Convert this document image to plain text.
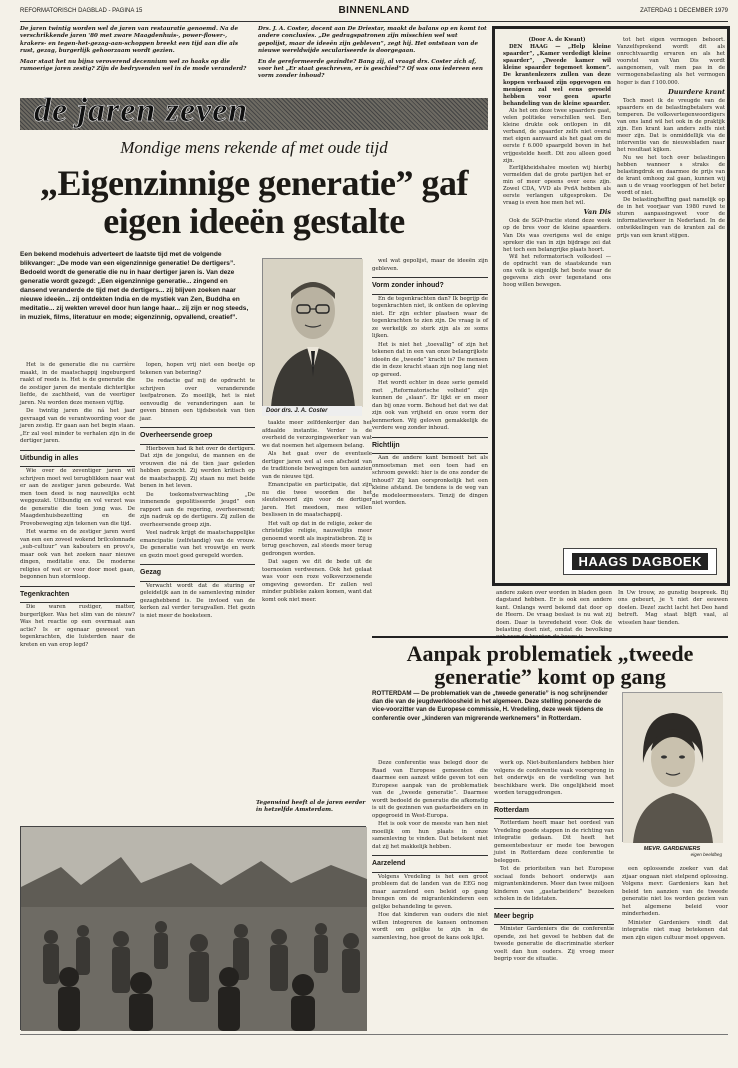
REFORMATORISCH DAGBLAD - PAGINA 15	BINNENLAND	ZATERDAG 1 DECEMBER 1979

De jaren twintig worden wel de jaren van restauratie genoemd. Na de verschrikkende jaren '80 met zware Maagdenhuis-, power-flower-, krakers- en tegen-het-gezag-aan-schoppen breekt een tijd aan die als rust, gezag, burgerlijk gehoorzaam wordt gezien.

Maar staat het nu bijna veroverend decennium wel zo haaks op die rumoerige jaren zestig? Zijn de bedryvenden wel in de mode veranderd?

Drs. J. A. Coster, docent aan De Driestar, maakt de balans op en komt tot andere conclusies. „De gedragspatronen zijn misschien wel wat gepolijst, maar de ideeën zijn gebleven”, zegt hij. Het ontstaan van de nieuwe wereldwijde seculariseerde is doorgegaan.

En de gereformeerde gezindte? Bang zij, al vraagt drs. Coster zich af, voor het „Er staat geschreven, er is geschied”? Of was ons iedereen een vorm zonder inhoud?

de jaren zeven
Mondige mens rekende af met oude tijd
„Eigenzinnige generatie” gaf eigen ideeën gestalte
Een bekend modehuis adverteert de laatste tijd met de volgende blikvanger: „De mode van een eigenzinnige generatie! De dertigers”. Bedoeld wordt de generatie die nu in haar dertiger jaren is. Van deze generatie wordt gezegd: „Een eigenzinnige generatie... zingend en dansend veranderde de tijd met de dertigers... zij blijven zoeken naar nieuwe ideeën... zij ontdekten India en de mystiek van Zen, Buddha en meditatie... zij wekten wrevel door hun lange haar... zij zijn er nog steeds, in muziek, films, literatuur en mode; eigenzinnig, opvallend, creatief”.

Het is de generatie die nu carrière maakt, in de maatschappij ingeburgerd raakt of reeds is. Het is de generatie die de zestiger jaren de mentale dichterlijke liefde, de zachtheid, van de veertiger jaren. Nu worden deze mensen vijftig.

De twintig jaren die ná het jaar gevraagd van de verantwoording voor de jaren zestig. Er gaan aan het begin staan. „Er zal veel minder te verhalen zijn in de dertiger jaren.

Uitbundig in alles

Wie over de zeventiger jaren wil schrijven moet wel terugblikken naar wat er aan de zestiger jaren gebeurde. Wat men toen deed is nog nauwelijks echt weggezakt. Uitbundig en vol verzet was de generatie die toen jong was. De Maagdenhuisbezetting en de Provobeweging zijn tekenen van die tijd.

Het warme en de zestiger jaren werd van een een zoveel wokend brilcolonnade „sub-cultuur” van kabouters en provo's, maar ook van het zoeken naar nieuwe dingen, meditatie enz. De moderne religies of wat er voor door moet gaan, begonnen hun stormloop.

Tegenkrachten

Die waren rustiger, matter, burgerlijker. Was het slim van de nieuw? Was het reactie op een overmaat aan actie? Is er ogenaar geweest van tegenkrachten, die luisterden naar de kreten en van erop legd?

lopen, hopen vrij niet een beetje op tekenen van betering?

De redactie gaf mij de opdracht te schrijven over veranderende leefpatronen. Zo moeilijk, het is niet eenvoudig de veranderingen aan te geven binnen een tijdsbestek van tien jaar.

Overheersende groep

Hierboven had ik het over de dertigers. Dat zijn de jongelui, de mannen en de vrouwen die ná de tien jaar geleden hebben gezocht. Zij werden kritisch op de maatschappij. Zij staan nu met beide benen in het leven.

De toekomstverwachting „De inmenende gepolitiseerde jeugd” een rapport aan de regering, overheersend; zijn nadruk op de dertigers. Zij zullen de overheersende groep zijn.

Veel nadruk krijgt de maatschappelijke emancipatie (zelfstandig) van de vrouw. De generatie van het vrouwtje en werk en gezin moet goed geregeld worden.

Gezag

Verwacht wordt dat de sturing er geleidelijk aan in de samenleving minder gezaghebbend is. De invloed van de kerken zal verder terugvallen. Het gezin is niet meer de hoeksteen.

Door drs. J. A. Coster

taakte meer zelfdenkerijer dan het afdaalde instantie. Verder is de overheid de verzorgingswerker van wat we dat noemen het algemeen belang.

Als het gaat over de eventuele dertiger jaren wel al een afscheid van de traditionele bewegingen ten aanzien van de nieuwe tijd.

Emancipatie en participatie, dat zijn nu die twee woorden die het sleutelwoord zijn voor de dertiger jaren. Het meedoen, mee willen beslissen in de maatschappij.

Het valt op dat in de religie, zeker de christelijke religie, nauwelijks meer genoemd wordt als inspiratiebron. Zij is terug geschoven, zal steeds meer terug gedrongen worden.

Dat sagen we dit de bede uit de toernooien verdwenen. Ook het gelaat was voor een roze volksverzoenende omgeving geworden. Er zullen wel minder publieke zaken komen, want dat komt ook niet meer.

wel wat gepolijst, maar de ideeën zijn gebleven.

Vorm zonder inhoud?

En de tegenkrachten dan? Ik begrijp de tegenkrachten niet, ik ontken de opleving niet. Er zijn echter plaatsen waar de tegenkrachten te zien zijn. De vraag is of ze werkelijk zo sterk zijn als ze soms lijken.

Het is niet het „toevallig” of zijn het tekenen dat in een van onze belangrijkste ideeën de „tweede” kracht is? De mensen die in deze kracht staan zijn nog lang niet op gereed.

Het wordt echter in deze serie gemeld met „Reformatorische volheid” zijn kunnen de „slaan”. Er lijkt er en meer dan bij onze vorm. Behoud het dat we dat zijn ook van vrijheid en onze vorm der kenmerken. Wij geloven gemakkelijk de verdere weg zonder inhoud.

Richtlijn

Aan de andere kant bemoeit het als onmoetsman met een toen had en schroom gewekt: hier is de ons zonder de inhoud? Zij kan oorspronkelijk het een kleine afstand. De tendens is de weg van de modeleermeesters. Tenzij de dingen niet worden.

(Door A. de Kwant)

DEN HAAG — „Help kleine spaarder”, „Kamer verdedigt kleine spaarder”, „Tweede kamer wil kleine spaarder tegemoet komen”. De krantenlezers zullen van deze koppen verbaasd zijn opgevogen en menigeen zal wel eens gevoeld hebben voor geen aparte behandeling van de kleine spaarder.

Als het om deze twee spaarders gaat, velen politieke verschillen wel. Een kleine drukte ook ontlopen in dit verband, de spaarder zelfs niet overal met eigen aanvaard als het gaat om de eerste f 6.000 spaargeld boven in het vrijgestelde heeft. Dit zou alleen goed zijn.

Eerlijkheidshalve moeten wij hierbij vermelden dat de grote partijen het er min of meer opeens over eens zijn. Zowel CDA, VVD als PvdA hebben als eerste verlangen uitgesproken. De vraag is even hoe men het wil.

Van Dis

Ook de SGP-fractie stond deze week op de bres voor de kleine spaarders. Van Dis was overigens wel de enige spreker die van in zijn bijdrage zei dat het toch een belangrijke plaats hoort.

Wil het reformatorisch volksdeel — de opdracht van de staatskunde van ons volk is eigenlijk het beste waar de gegevens zich over tegenstand ons hoog willen bewegen.

tot het eigen vermogen behoort. Vanzelfsprekend wordt dit als onrechtvaardig ervaren en als het voorstel van Van Dis wordt aangenomen, valt men pas in de vermogensbelasting als het vermogen hoger is dan f 100.000.

Duurdere krant

Toch moet ik de vreugde van de spaarders en de belastingbetalers wat temperen. De volksvertegenwoordigers van ons land wil het ook in de praktijk zijn. Een krant kan anders zelfs niet meer zijn. Dat is onmiddellijk via de interventie van de nieuwsbladen naar het resultaat kijken.

Nu we het toch over belastingen hebben wanneer s straks de belastingdruk en daarmee de prijs van de krant omhoog zal gaan, kunnen wij aan u de vraag voorleggen of het beter wordt of niet.

De belastingheffing gaat namelijk op de in het voorjaar van 1980 ruwd te sturen aanpassingswet voor de informatieverkeer in Nederland. In de ontwikkelingen van de kranten zal de prijs van een krant stijgen.

HAAGS DAGBOEK
andere zaken over worden in bladen geen dagstand hebben. Er is ook een andere kant. Onlangs werd bekend dat door op de Heern. De vraag beslast is nu wat zij doen. Daar is tevredeheid voor. Ook de belasting doet niet, omdat de bevolking ook voor de kranten de keuze is.
In Uw trouw, zo gunstig bespreek. Bij ons gebeurt, je 't niet der eeuwen doelen. Deze! zacht lacht het Deo hand betreft. Mag staat blijft vaal, al wisselen haar tienden.
Aanpak problematiek „tweede generatie” komt op gang
ROTTERDAM — De problematiek van de „tweede generatie” is nog schrijnender dan die van de jeugdwerkloosheid in het algemeen. Deze stelling poneerde de vice-voorzitter van de Europese commissie, H. Vredeling, deze week tijdens de conferentie over „kinderen van migrerende werknemers” in Rotterdam.

Deze conferentie was belegd door de Raad van Europese gemeenten die daarmee een aanzet wilde geven tot een Europese aanpak van de problematiek van de „tweede generatie”. Daarmee wordt bedoeld de generatie die afkomstig is uit de gezinnen van gastarbeiders en in opgegroeid in West-Europa.

Het is ook voor de meeste van hen niet moeilijk om hun plaats in onze samenleving te vinden. Dat betekent niet dat zij het makkelijk hebben.

Aarzelend

Volgens Vredeling is het een groot probleem dat de landen van de EEG nog maar aarzelend een beleid op gang brengen om de migrantenkinderen een gelijke behandeling te geven.

Hoe dat kinderen van ouders die niet willen integreren de kansen ontnomen wordt om gelijke te zijn in de samenleving, hoe groot de kans ook lijkt.

werk op. Niet-buitenlanders hebben hier volgens de conferentie vaak voorsprong in het onderwijs en de verdeling van het beschikbare werk. Die ongelijkheid moet worden teruggedrongen.

Rotterdam

Rotterdam heeft maar het oordeel van Vredeling goede stappen in de richting van integratie gedaan. Dit heeft het gemeentebestuur er mede toe bewogen juist in Rotterdam deze conferentie te beleggen.

Tot de prioriteiten van het Europese sociaal fonds behoort onderwijs aan migrantenkinderen. Meer dan twee miljoen kinderen van „gastarbeiders” bezoeken scholen in de lidstaten.

Meer begrip

Minister Gardeniers die de conferentie opende, zei het gevoel te hebben dat de tweede generatie de discriminatie sterker voelt dan hun ouders. Zij vroeg meer begrip voor de situatie.

MEVR. GARDENIERS
eigen beeldbeg

een oplossende zoeker van dat zijaar ongaan niet stelpend oplossing. Volgens mevr. Gardeniers kan het beleid ten aanzien van de tweede generatie niet los worden gezien van het algemene beleid voor minderheden.

Minister Gardeniers vindt dat integratie niet mag betekenen dat men zijn eigen cultuur moet opgeven.

Tegenwind heeft al de jaren eerder in hetzelfde Amsterdam.
